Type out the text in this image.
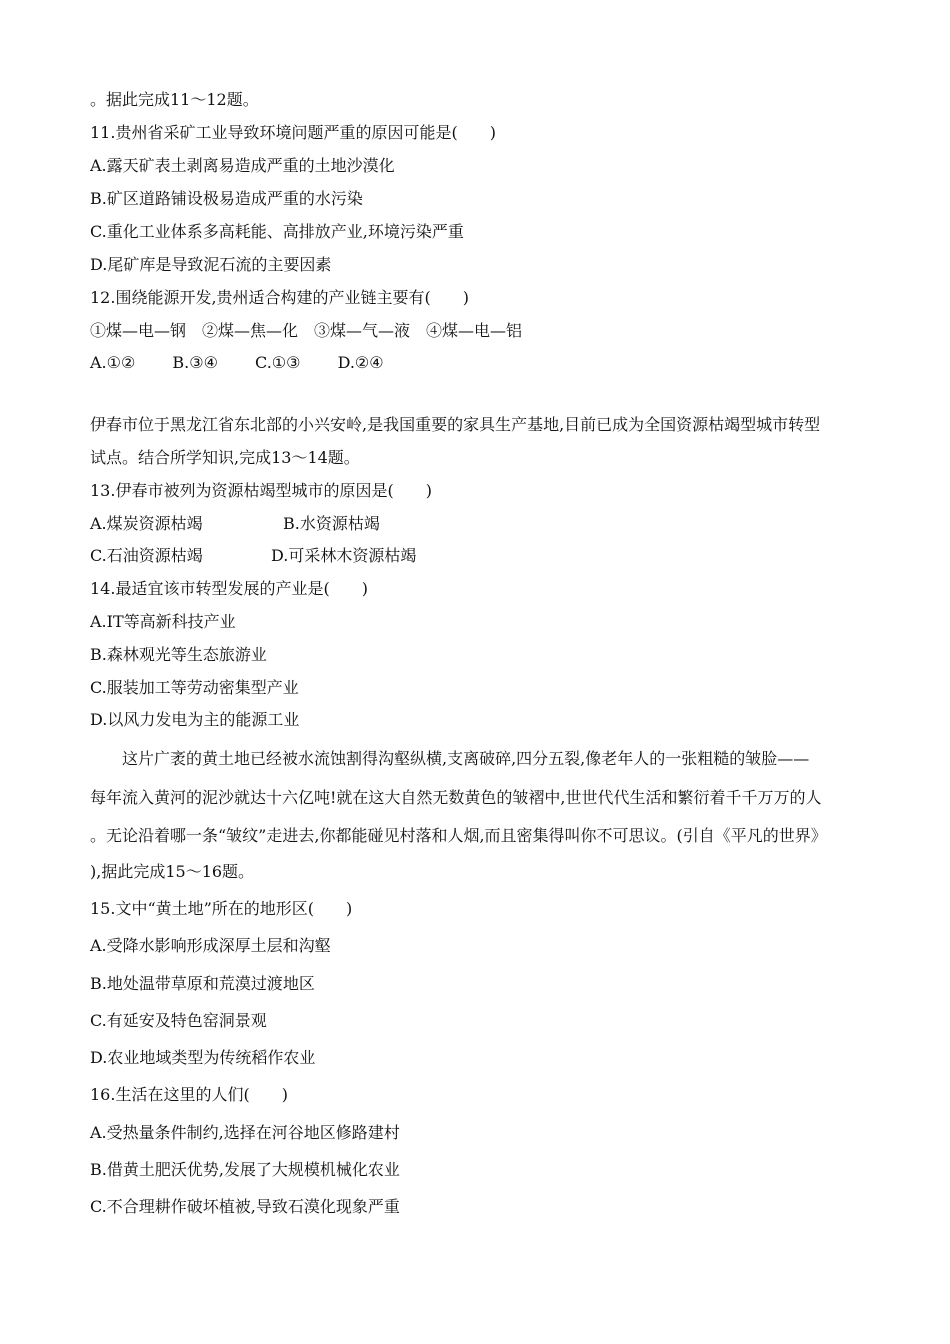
。据此完成11～12题。
11.贵州省采矿工业导致环境问题严重的原因可能是(　　)
A.露天矿表土剥离易造成严重的土地沙漠化
B.矿区道路铺设极易造成严重的水污染
C.重化工业体系多高耗能、高排放产业,环境污染严重
D.尾矿库是导致泥石流的主要因素
12.围绕能源开发,贵州适合构建的产业链主要有(　　)
①煤—电—钢　②煤—焦—化　③煤—气—液　④煤—电—铝
A.①②　　 B.③④　　 C.①③　　 D.②④
伊春市位于黑龙江省东北部的小兴安岭,是我国重要的家具生产基地,目前已成为全国资源枯竭型城市转型
试点。结合所学知识,完成13～14题。
13.伊春市被列为资源枯竭型城市的原因是(　　)
A.煤炭资源枯竭	B.水资源枯竭
C.石油资源枯竭	D.可采林木资源枯竭
14.最适宜该市转型发展的产业是(　　)
A.IT等高新科技产业
B.森林观光等生态旅游业
C.服装加工等劳动密集型产业
D.以风力发电为主的能源工业
这片广袤的黄土地已经被水流蚀割得沟壑纵横,支离破碎,四分五裂,像老年人的一张粗糙的皱脸——
每年流入黄河的泥沙就达十六亿吨!就在这大自然无数黄色的皱褶中,世世代代生活和繁衍着千千万万的人
。无论沿着哪一条“皱纹”走进去,你都能碰见村落和人烟,而且密集得叫你不可思议。(引自《平凡的世界》
),据此完成15～16题。
15.文中“黄土地”所在的地形区(　　)
A.受降水影响形成深厚土层和沟壑
B.地处温带草原和荒漠过渡地区
C.有延安及特色窑洞景观
D.农业地域类型为传统稻作农业
16.生活在这里的人们(　　)
A.受热量条件制约,选择在河谷地区修路建村
B.借黄土肥沃优势,发展了大规模机械化农业
C.不合理耕作破坏植被,导致石漠化现象严重
